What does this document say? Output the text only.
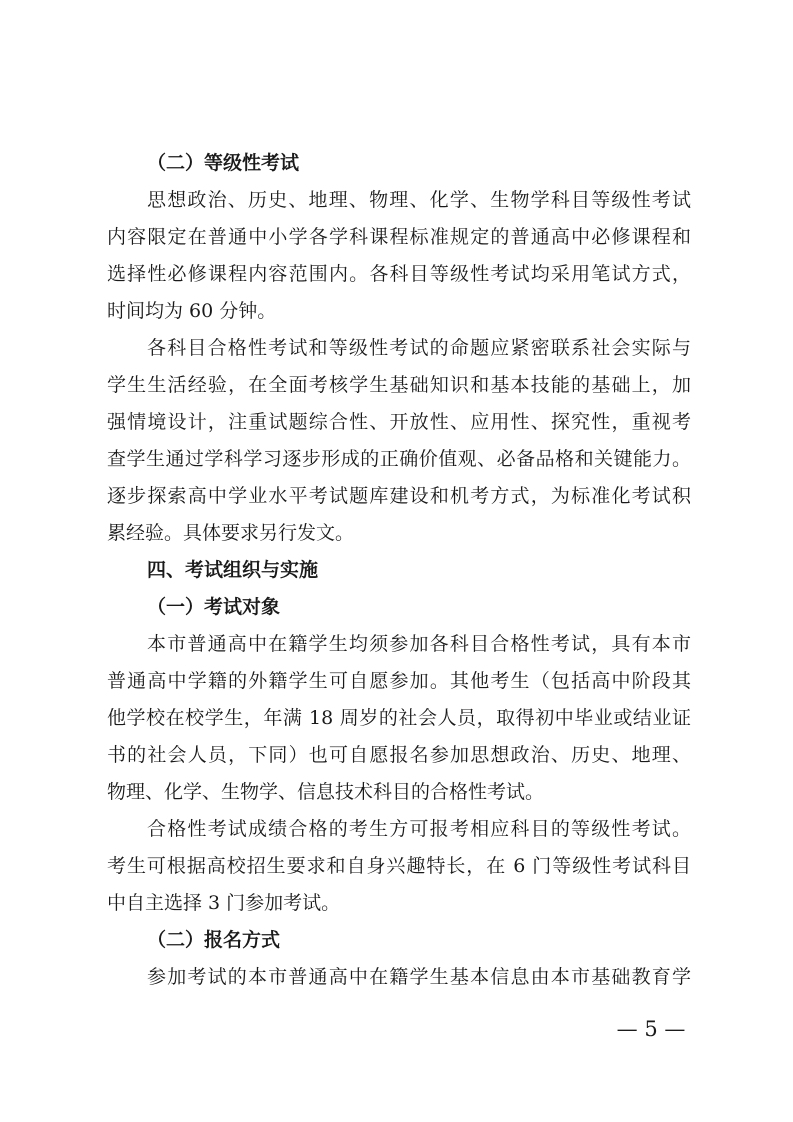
（二）等级性考试
思想政治、历史、地理、物理、化学、生物学科目等级性考试
内容限定在普通中小学各学科课程标准规定的普通高中必修课程和
选择性必修课程内容范围内。各科目等级性考试均采用笔试方式，
时间均为 60 分钟。
各科目合格性考试和等级性考试的命题应紧密联系社会实际与
学生生活经验，在全面考核学生基础知识和基本技能的基础上，加
强情境设计，注重试题综合性、开放性、应用性、探究性，重视考
查学生通过学科学习逐步形成的正确价值观、必备品格和关键能力。
逐步探索高中学业水平考试题库建设和机考方式，为标准化考试积
累经验。具体要求另行发文。
四、考试组织与实施
（一）考试对象
本市普通高中在籍学生均须参加各科目合格性考试，具有本市
普通高中学籍的外籍学生可自愿参加。其他考生（包括高中阶段其
他学校在校学生，年满 18 周岁的社会人员，取得初中毕业或结业证
书的社会人员，下同）也可自愿报名参加思想政治、历史、地理、
物理、化学、生物学、信息技术科目的合格性考试。
合格性考试成绩合格的考生方可报考相应科目的等级性考试。
考生可根据高校招生要求和自身兴趣特长，在 6 门等级性考试科目
中自主选择 3 门参加考试。
（二）报名方式
参加考试的本市普通高中在籍学生基本信息由本市基础教育学
— 5 —
